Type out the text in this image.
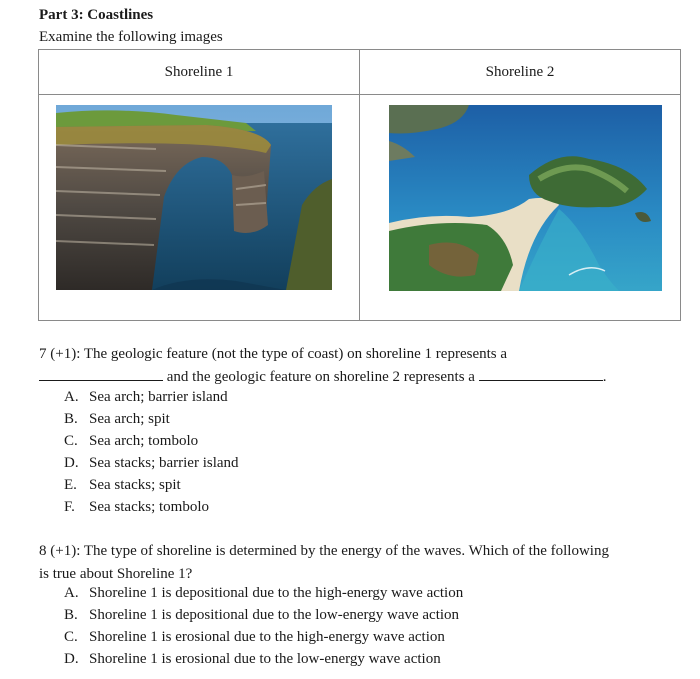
Part 3: Coastlines
Examine the following images
Shoreline 1	Shoreline 2

7 (+1): The geologic feature (not the type of coast) on shoreline 1 represents a
and the geologic feature on shoreline 2 represents a	.
A. Sea arch; barrier island
B. Sea arch; spit
C. Sea arch; tombolo
D. Sea stacks; barrier island
E. Sea stacks; spit
F. Sea stacks; tombolo
8 (+1): The type of shoreline is determined by the energy of the waves. Which of the following
is true about Shoreline 1?
A. Shoreline 1 is depositional due to the high-energy wave action
B. Shoreline 1 is depositional due to the low-energy wave action
C. Shoreline 1 is erosional due to the high-energy wave action
D. Shoreline 1 is erosional due to the low-energy wave action
